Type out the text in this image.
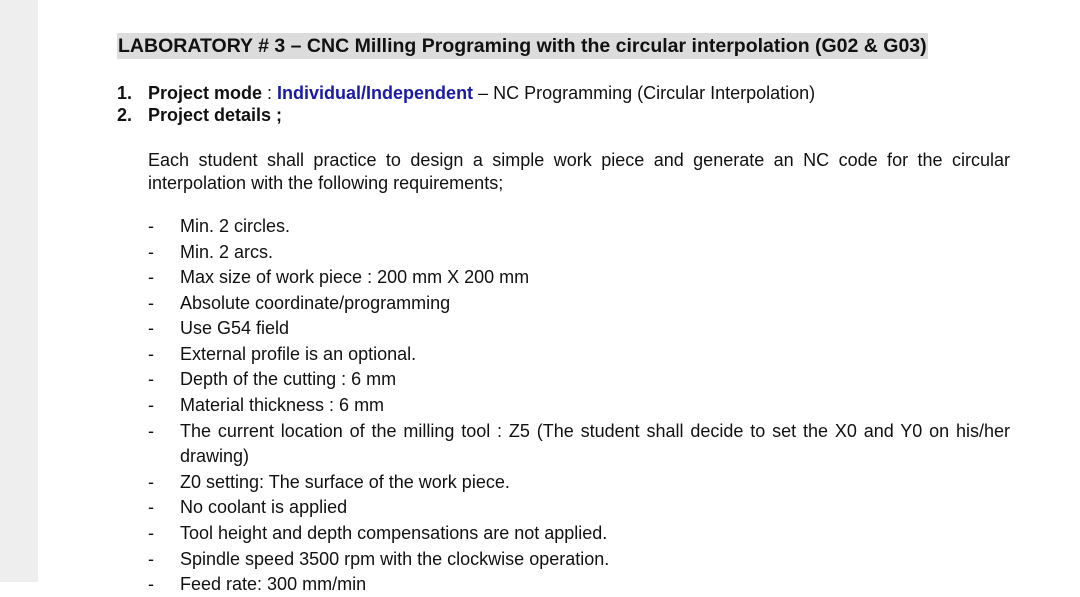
LABORATORY # 3 – CNC Milling Programing with the circular interpolation (G02 & G03)
1. Project mode : Individual/Independent – NC Programming (Circular Interpolation)
2. Project details ;
Each student shall practice to design a simple work piece and generate an NC code for the circular interpolation with the following requirements;
-	Min. 2 circles.
-	Min. 2 arcs.
-	Max size of work piece : 200 mm X 200 mm
-	Absolute coordinate/programming
-	Use G54 field
-	External profile is an optional.
-	Depth of the cutting : 6 mm
-	Material thickness : 6 mm
-	The current location of the milling tool : Z5 (The student shall decide to set the X0 and Y0 on his/her drawing)
-	Z0 setting: The surface of the work piece.
-	No coolant is applied
-	Tool height and depth compensations are not applied.
-	Spindle speed 3500 rpm with the clockwise operation.
-	Feed rate: 300 mm/min
